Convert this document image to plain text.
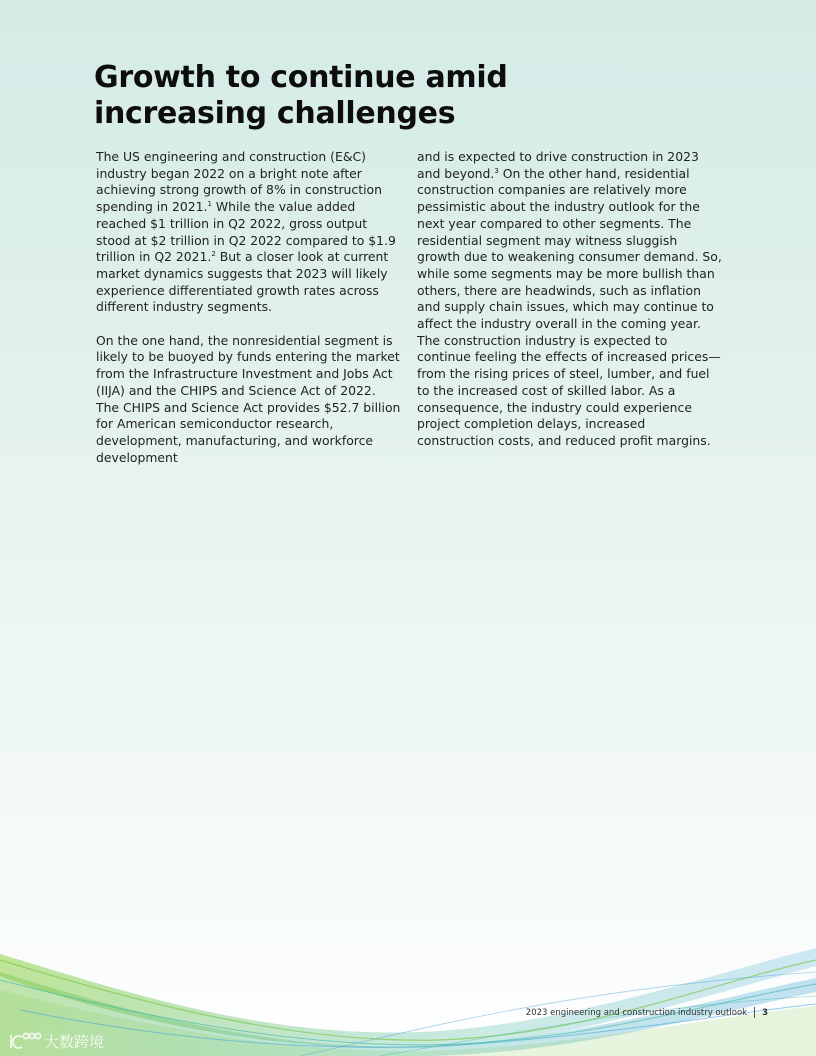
Growth to continue amid increasing challenges

The US engineering and construction (E&C) industry began 2022 on a bright note after achieving strong growth of 8% in construction spending in 2021.$^1$ While the value added reached $1 trillion in Q2 2022, gross output stood at $2 trillion in Q2 2022 compared to $1.9 trillion in Q2 2021.$^2$ But a closer look at current market dynamics suggests that 2023 will likely experience differentiated growth rates across different industry segments.

On the one hand, the nonresidential segment is likely to be buoyed by funds entering the market from the Infrastructure Investment and Jobs Act (IIJA) and the CHIPS and Science Act of 2022. The CHIPS and Science Act provides $52.7 billion for American semiconductor research, development, manufacturing, and workforce development

and is expected to drive construction in 2023 and beyond.$^3$ On the other hand, residential construction companies are relatively more pessimistic about the industry outlook for the next year compared to other segments. The residential segment may witness sluggish growth due to weakening consumer demand. So, while some segments may be more bullish than others, there are headwinds, such as inflation and supply chain issues, which may continue to affect the industry overall in the coming year. The construction industry is expected to continue feeling the effects of increased prices—from the rising prices of steel, lumber, and fuel to the increased cost of skilled labor. As a consequence, the industry could experience project completion delays, increased construction costs, and reduced profit margins.

2023 engineering and construction industry outlook 3
大数跨境
